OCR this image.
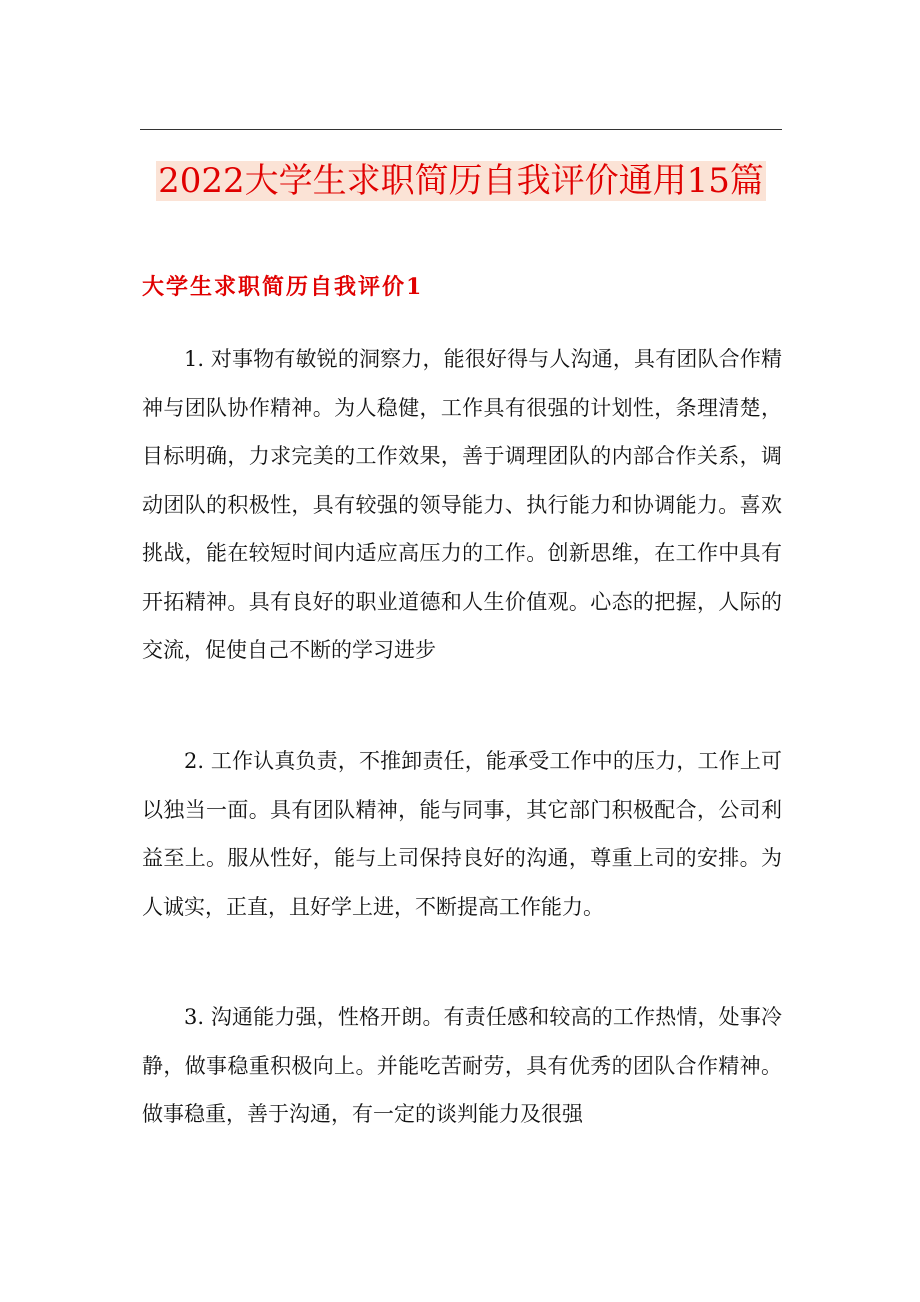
2022大学生求职简历自我评价通用15篇
大学生求职简历自我评价1

1. 对事物有敏锐的洞察力，能很好得与人沟通，具有团队合作精神与团队协作精神。为人稳健，工作具有很强的计划性，条理清楚，目标明确，力求完美的工作效果，善于调理团队的内部合作关系，调动团队的积极性，具有较强的领导能力、执行能力和协调能力。喜欢挑战，能在较短时间内适应高压力的工作。创新思维，在工作中具有开拓精神。具有良好的职业道德和人生价值观。心态的把握，人际的交流，促使自己不断的学习进步

2. 工作认真负责，不推卸责任，能承受工作中的压力，工作上可以独当一面。具有团队精神，能与同事，其它部门积极配合，公司利益至上。服从性好，能与上司保持良好的沟通，尊重上司的安排。为人诚实，正直，且好学上进，不断提高工作能力。

3. 沟通能力强，性格开朗。有责任感和较高的工作热情，处事冷静，做事稳重积极向上。并能吃苦耐劳，具有优秀的团队合作精神。做事稳重，善于沟通，有一定的谈判能力及很强
